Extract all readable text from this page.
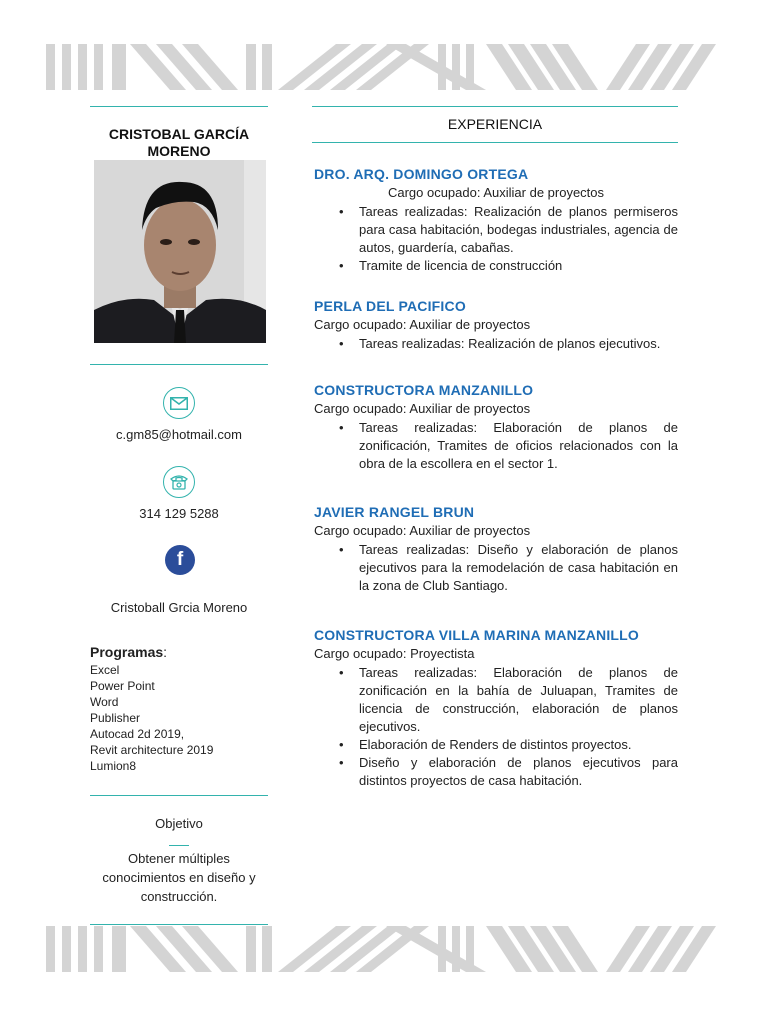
CRISTOBAL GARCÍA MORENO
c.gm85@hotmail.com
314 129 5288
f
Cristoball Grcia Moreno
Programas:
Excel
Power Point
Word
Publisher
Autocad 2d 2019,
Revit architecture 2019
Lumion8
Objetivo
Obtener múltiples conocimientos en diseño y construcción.
EXPERIENCIA
DRO. ARQ. DOMINGO ORTEGA

Cargo ocupado: Auxiliar de proyectos

• Tareas realizadas: Realización de planos permiseros para casa habitación, bodegas industriales, agencia de autos, guardería, cabañas.
• Tramite de licencia de construcción
PERLA DEL PACIFICO

Cargo ocupado: Auxiliar de proyectos

• Tareas realizadas: Realización de planos ejecutivos.
CONSTRUCTORA MANZANILLO

Cargo ocupado: Auxiliar de proyectos

• Tareas realizadas: Elaboración de planos de zonificación, Tramites de oficios relacionados con la obra de la escollera en el sector 1.
JAVIER RANGEL BRUN

Cargo ocupado: Auxiliar de proyectos

• Tareas realizadas: Diseño y elaboración de planos ejecutivos para la remodelación de casa habitación en la zona de Club Santiago.
CONSTRUCTORA VILLA MARINA MANZANILLO

Cargo ocupado: Proyectista

• Tareas realizadas: Elaboración de planos de zonificación en la bahía de Juluapan, Tramites de licencia de construcción, elaboración de planos ejecutivos.
• Elaboración de Renders de distintos proyectos.
• Diseño y elaboración de planos ejecutivos para distintos proyectos de casa habitación.
